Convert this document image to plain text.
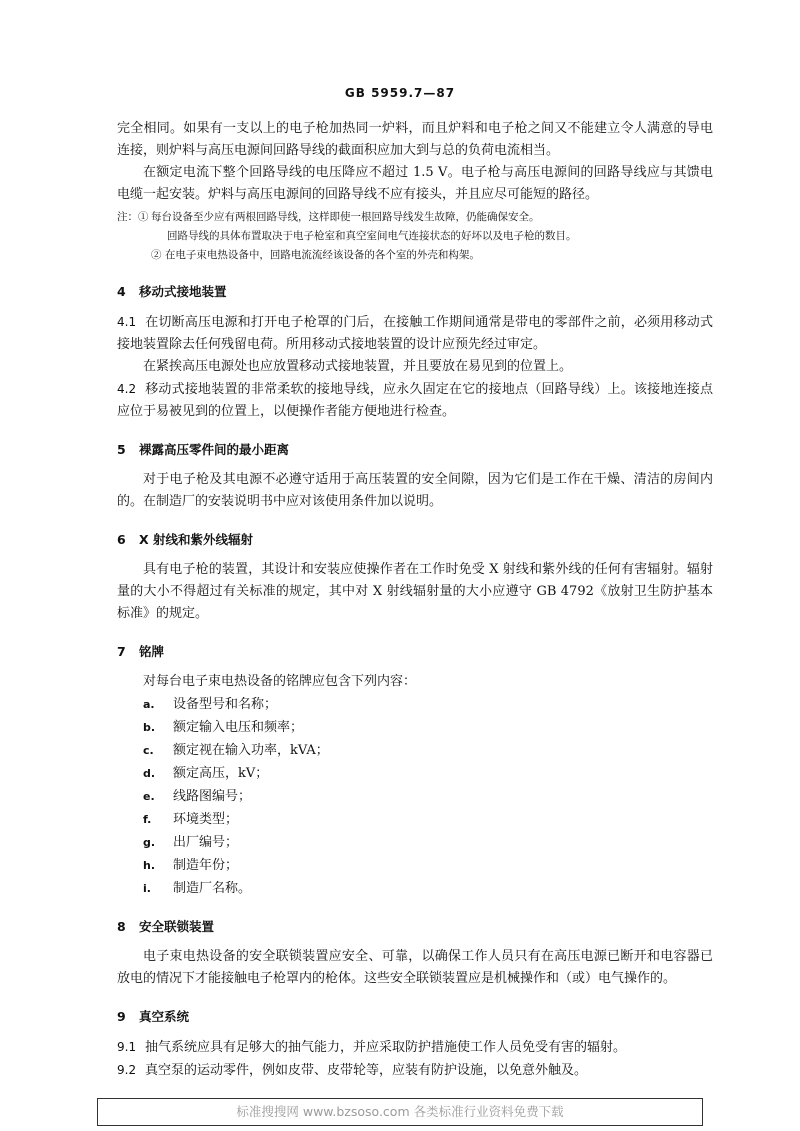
GB 5959.7—87

完全相同。如果有一支以上的电子枪加热同一炉料，而且炉料和电子枪之间又不能建立令人满意的导电连接，则炉料与高压电源间回路导线的截面积应加大到与总的负荷电流相当。

在额定电流下整个回路导线的电压降应不超过 1.5 V。电子枪与高压电源间的回路导线应与其馈电电缆一起安装。炉料与高压电源间的回路导线不应有接头，并且应尽可能短的路径。

注：① 每台设备至少应有两根回路导线，这样即使一根回路导线发生故障，仍能确保安全。

回路导线的具体布置取决于电子枪室和真空室间电气连接状态的好坏以及电子枪的数目。

② 在电子束电热设备中，回路电流流经该设备的各个室的外壳和构架。

4 移动式接地装置

4.1 在切断高压电源和打开电子枪罩的门后，在接触工作期间通常是带电的零部件之前，必须用移动式接地装置除去任何残留电荷。所用移动式接地装置的设计应预先经过审定。

在紧挨高压电源处也应放置移动式接地装置，并且要放在易见到的位置上。

4.2 移动式接地装置的非常柔软的接地导线，应永久固定在它的接地点（回路导线）上。该接地连接点应位于易被见到的位置上，以便操作者能方便地进行检查。

5 裸露高压零件间的最小距离

对于电子枪及其电源不必遵守适用于高压装置的安全间隙，因为它们是工作在干燥、清洁的房间内的。在制造厂的安装说明书中应对该使用条件加以说明。

6 X 射线和紫外线辐射

具有电子枪的装置，其设计和安装应使操作者在工作时免受 X 射线和紫外线的任何有害辐射。辐射量的大小不得超过有关标准的规定，其中对 X 射线辐射量的大小应遵守 GB 4792《放射卫生防护基本标准》的规定。

7 铭牌

对每台电子束电热设备的铭牌应包含下列内容：

a. 设备型号和名称；
b. 额定输入电压和频率；
c. 额定视在输入功率，kVA；
d. 额定高压，kV；
e. 线路图编号；
f. 环境类型；
g. 出厂编号；
h. 制造年份；
i. 制造厂名称。
8 安全联锁装置

电子束电热设备的安全联锁装置应安全、可靠，以确保工作人员只有在高压电源已断开和电容器已放电的情况下才能接触电子枪罩内的枪体。这些安全联锁装置应是机械操作和（或）电气操作的。

9 真空系统

9.1 抽气系统应具有足够大的抽气能力，并应采取防护措施使工作人员免受有害的辐射。

9.2 真空泵的运动零件，例如皮带、皮带轮等，应装有防护设施，以免意外触及。

标准搜搜网 www.bzsoso.com 各类标准行业资料免费下载
